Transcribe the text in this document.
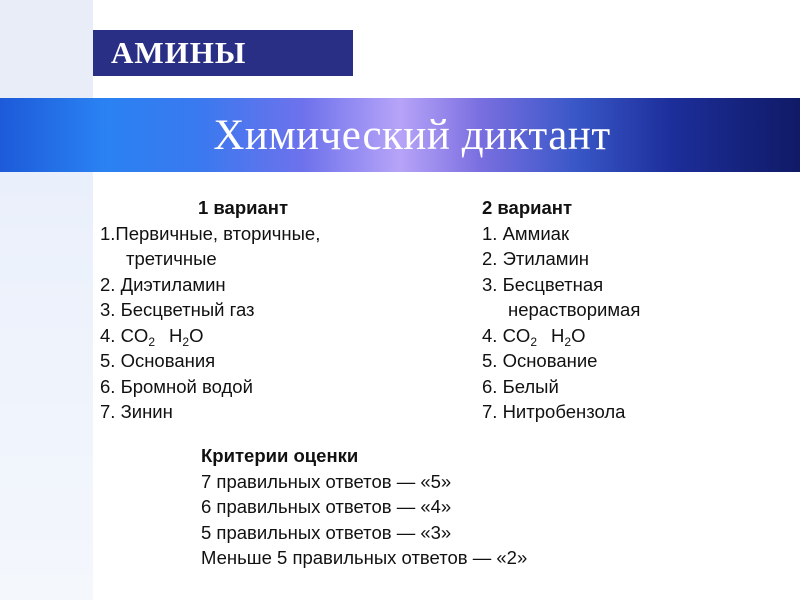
АМИНЫ
Химический диктант
1 вариант
1.Первичные, вторичные,
третичные
2. Диэтиламин
3. Бесцветный газ
4. $CO_2$ $H_2O$
5. Основания
6. Бромной водой
7. Зинин
2 вариант
1. Аммиак
2. Этиламин
3. Бесцветная
нерастворимая
4. $CO_2$ $H_2O$
5. Основание
6. Белый
7. Нитробензола
Критерии оценки
7 правильных ответов — «5»
6 правильных ответов — «4»
5 правильных ответов — «3»
Меньше 5 правильных ответов — «2»
